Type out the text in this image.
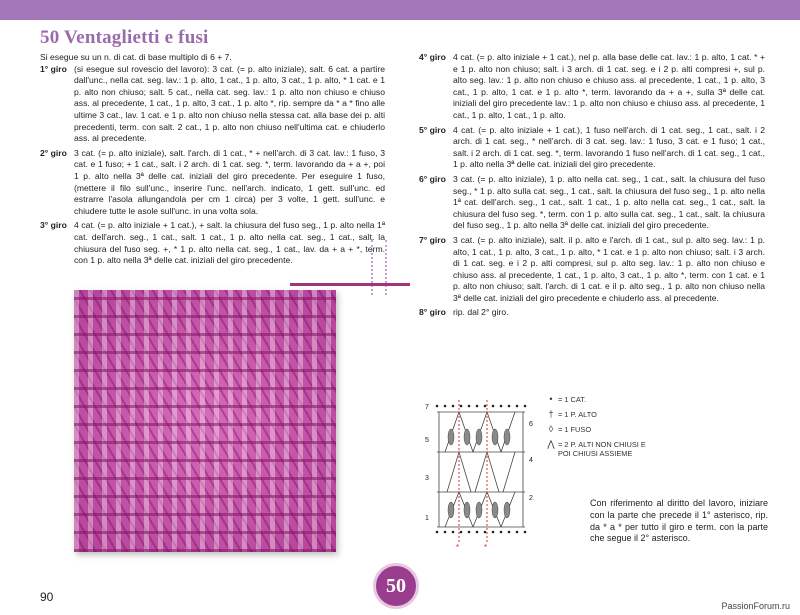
50 Ventaglietti e fusi
Si esegue su un n. di cat. di base multiplo di 6 + 7.
1° giro (si esegue sul rovescio del lavoro): 3 cat. (= p. alto iniziale), salt. 6 cat. a partire dall'unc., nella cat. seg. lav.: 1 p. alto, 1 cat., 1 p. alto, 3 cat., 1 p. alto, * 1 cat. e 1 p. alto non chiuso; salt. 5 cat., nella cat. seg. lav.: 1 p. alto non chiuso e chiuso ass. al precedente, 1 cat., 1 p. alto, 3 cat., 1 p. alto *, rip. sempre da * a * fino alle ultime 3 cat., lav. 1 cat. e 1 p. alto non chiuso nella stessa cat. alla base dei p. alti precedenti, term. con salt. 2 cat., 1 p. alto non chiuso nell'ultima cat. e chiuderlo ass. al precedente.
2° giro 3 cat. (= p. alto iniziale), salt. l'arch. di 1 cat., * + nell'arch. di 3 cat. lav.: 1 fuso, 3 cat. e 1 fuso; + 1 cat., salt. i 2 arch. di 1 cat. seg. *, term. lavorando da + a +, poi 1 p. alto nella 3ª delle cat. iniziali del giro precedente. Per eseguire 1 fuso, (mettere il filo sull'unc., inserire l'unc. nell'arch. indicato, 1 gett. sull'unc. ed estrarre l'asola allungandola per cm 1 circa) per 3 volte, 1 gett. sull'unc. e chiudere tutte le asole sull'unc. in una volta sola.
3° giro 4 cat. (= p. alto iniziale + 1 cat.), + salt. la chiusura del fuso seg., 1 p. alto nella 1ª cat. dell'arch. seg., 1 cat., salt. 1 cat., 1 p. alto nella cat. seg., 1 cat., salt. la chiusura del fuso seg. +, * 1 p. alto nella cat. seg., 1 cat., lav. da + a + *, term. con 1 p. alto nella 3ª delle cat. iniziali del giro precedente.
4° giro 4 cat. (= p. alto iniziale + 1 cat.), nel p. alla base delle cat. lav.: 1 p. alto, 1 cat. * + e 1 p. alto non chiuso; salt. i 3 arch. di 1 cat. seg. e i 2 p. alti compresi +, sul p. alto seg. lav.: 1 p. alto non chiuso e chiuso ass. al precedente, 1 cat., 1 p. alto, 3 cat., 1 p. alto, 1 cat. e 1 p. alto *, term. lavorando da + a +, sulla 3ª delle cat. iniziali del giro precedente lav.: 1 p. alto non chiuso e chiuso ass. al precedente, 1 cat., 1 p. alto, 1 cat., 1 p. alto.
5° giro 4 cat. (= p. alto iniziale + 1 cat.), 1 fuso nell'arch. di 1 cat. seg., 1 cat., salt. i 2 arch. di 1 cat. seg., * nell'arch. di 3 cat. seg. lav.: 1 fuso, 3 cat. e 1 fuso; 1 cat., salt. i 2 arch. di 1 cat. seg. *, term. lavorando 1 fuso nell'arch. di 1 cat. seg., 1 cat., 1 p. alto nella 3ª delle cat. iniziali del giro precedente.
6° giro 3 cat. (= p. alto iniziale), 1 p. alto nella cat. seg., 1 cat., salt. la chiusura del fuso seg., * 1 p. alto sulla cat. seg., 1 cat., salt. la chiusura del fuso seg., 1 p. alto nella 1ª cat. dell'arch. seg., 1 cat., salt. 1 cat., 1 p. alto nella cat. seg., 1 cat., salt. la chiusura del fuso seg. *, term. con 1 p. alto sulla cat. seg., 1 cat., salt. la chiusura del fuso seg., 1 p. alto nella 3ª delle cat. iniziali del giro precedente.
7° giro 3 cat. (= p. alto iniziale), salt. il p. alto e l'arch. di 1 cat., sul p. alto seg. lav.: 1 p. alto, 1 cat., 1 p. alto, 3 cat., 1 p. alto, * 1 cat. e 1 p. alto non chiuso; salt. i 3 arch. di 1 cat. seg. e i 2 p. alti compresi, sul p. alto seg. lav.: 1 p. alto non chiuso e chiuso ass. al precedente, 1 cat., 1 p. alto, 3 cat., 1 p. alto *, term. con 1 cat. e 1 p. alto non chiuso; salt. l'arch. di 1 cat. e il p. alto seg., 1 p. alto non chiuso nella 3ª delle cat. iniziali del giro precedente e chiuderlo ass. al precedente.
8° giro rip. dal 2° giro.
*	*
7
5
3
1
6
4
2
• = 1 CAT.
† = 1 P. ALTO
◊ = 1 FUSO
⋀ = 2 P. ALTI NON CHIUSI E POI CHIUSI ASSIEME
Con riferimento al diritto del lavoro, iniziare con la parte che precede il 1° asterisco, rip. da * a * per tutto il giro e term. con la parte che segue il 2° asterisco.
50
90
PassionForum.ru
